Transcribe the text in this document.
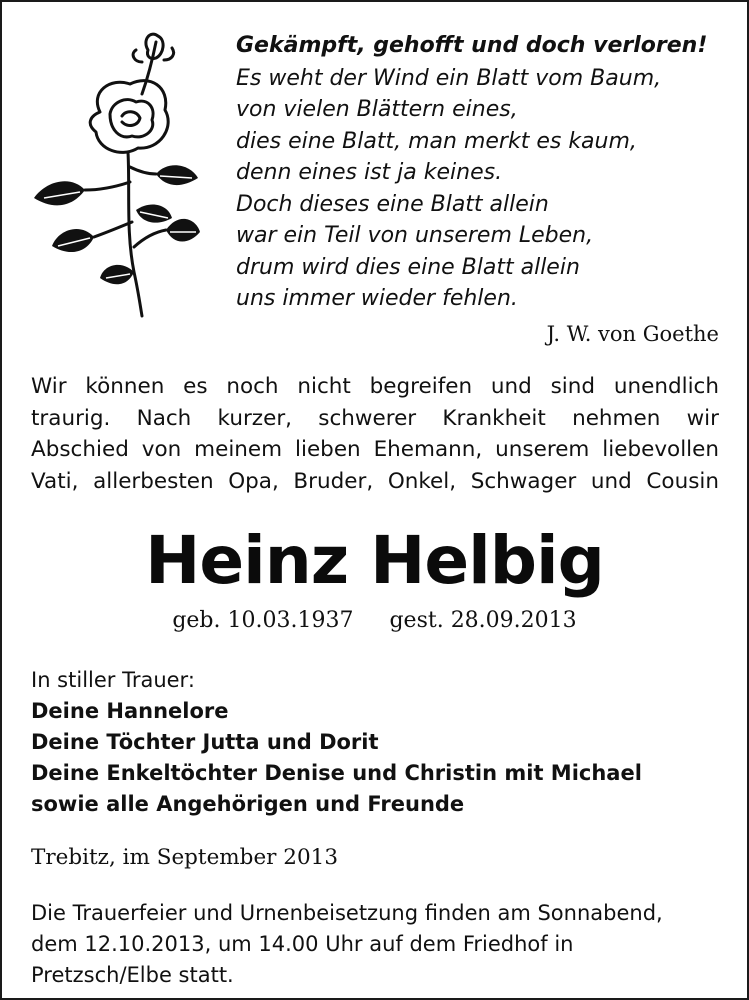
Gekämpft, gehofft und doch verloren!
Es weht der Wind ein Blatt vom Baum,
von vielen Blättern eines,
dies eine Blatt, man merkt es kaum,
denn eines ist ja keines.
Doch dieses eine Blatt allein
war ein Teil von unserem Leben,
drum wird dies eine Blatt allein
uns immer wieder fehlen.
J. W. von Goethe
Wir können es noch nicht begreifen und sind unendlich
traurig. Nach kurzer, schwerer Krankheit nehmen wir
Abschied von meinem lieben Ehemann, unserem liebevollen
Vati, allerbesten Opa, Bruder, Onkel, Schwager und Cousin
Heinz Helbig
geb. 10.03.1937 gest. 28.09.2013
In stiller Trauer:
Deine Hannelore
Deine Töchter Jutta und Dorit
Deine Enkeltöchter Denise und Christin mit Michael
sowie alle Angehörigen und Freunde
Trebitz, im September 2013
Die Trauerfeier und Urnenbeisetzung finden am Sonnabend,
dem 12.10.2013, um 14.00 Uhr auf dem Friedhof in
Pretzsch/Elbe statt.
